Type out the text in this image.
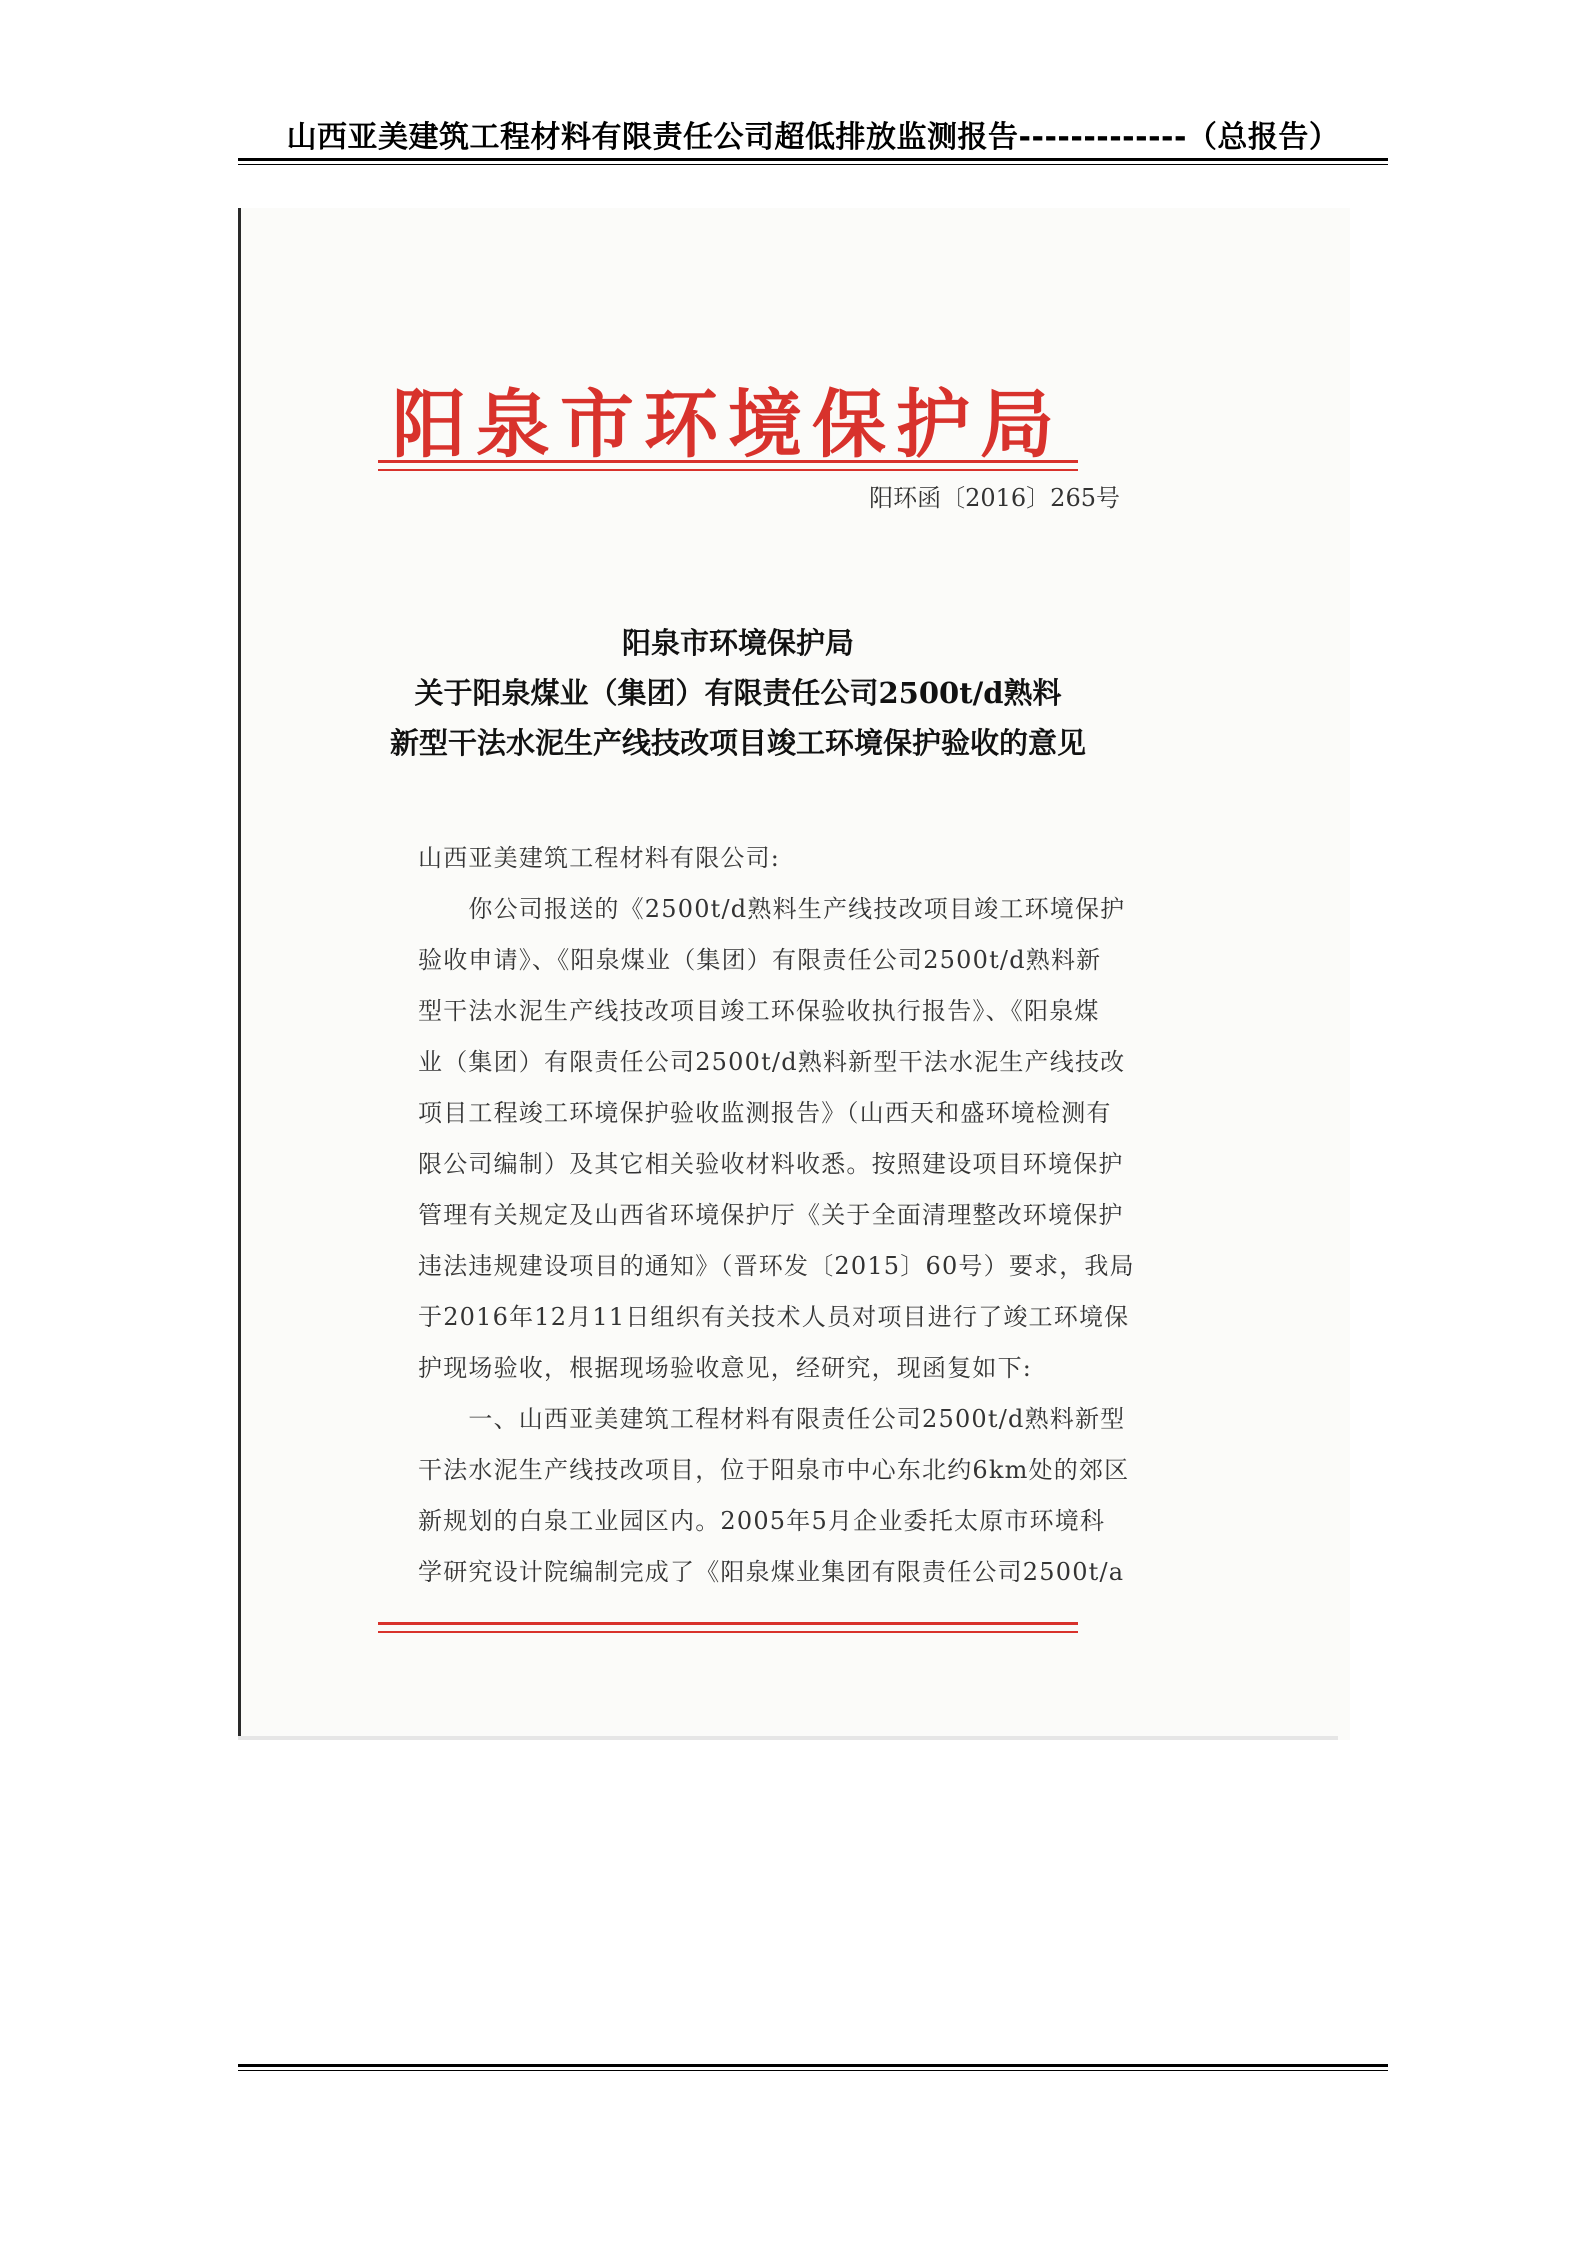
山西亚美建筑工程材料有限责任公司超低排放监测报告-------------（总报告）
阳泉市环境保护局
阳环函〔2016〕265号
阳泉市环境保护局
关于阳泉煤业（集团）有限责任公司2500t/d熟料
新型干法水泥生产线技改项目竣工环境保护验收的意见

山西亚美建筑工程材料有限公司:

　　你公司报送的《2500t/d熟料生产线技改项目竣工环境保护

验收申请》、《阳泉煤业（集团）有限责任公司2500t/d熟料新

型干法水泥生产线技改项目竣工环保验收执行报告》、《阳泉煤

业（集团）有限责任公司2500t/d熟料新型干法水泥生产线技改

项目工程竣工环境保护验收监测报告》（山西天和盛环境检测有

限公司编制）及其它相关验收材料收悉。按照建设项目环境保护

管理有关规定及山西省环境保护厅《关于全面清理整改环境保护

违法违规建设项目的通知》（晋环发〔2015〕60号）要求，我局

于2016年12月11日组织有关技术人员对项目进行了竣工环境保

护现场验收，根据现场验收意见，经研究，现函复如下:

　　一、山西亚美建筑工程材料有限责任公司2500t/d熟料新型

干法水泥生产线技改项目，位于阳泉市中心东北约6km处的郊区

新规划的白泉工业园区内。2005年5月企业委托太原市环境科

学研究设计院编制完成了《阳泉煤业集团有限责任公司2500t/a
